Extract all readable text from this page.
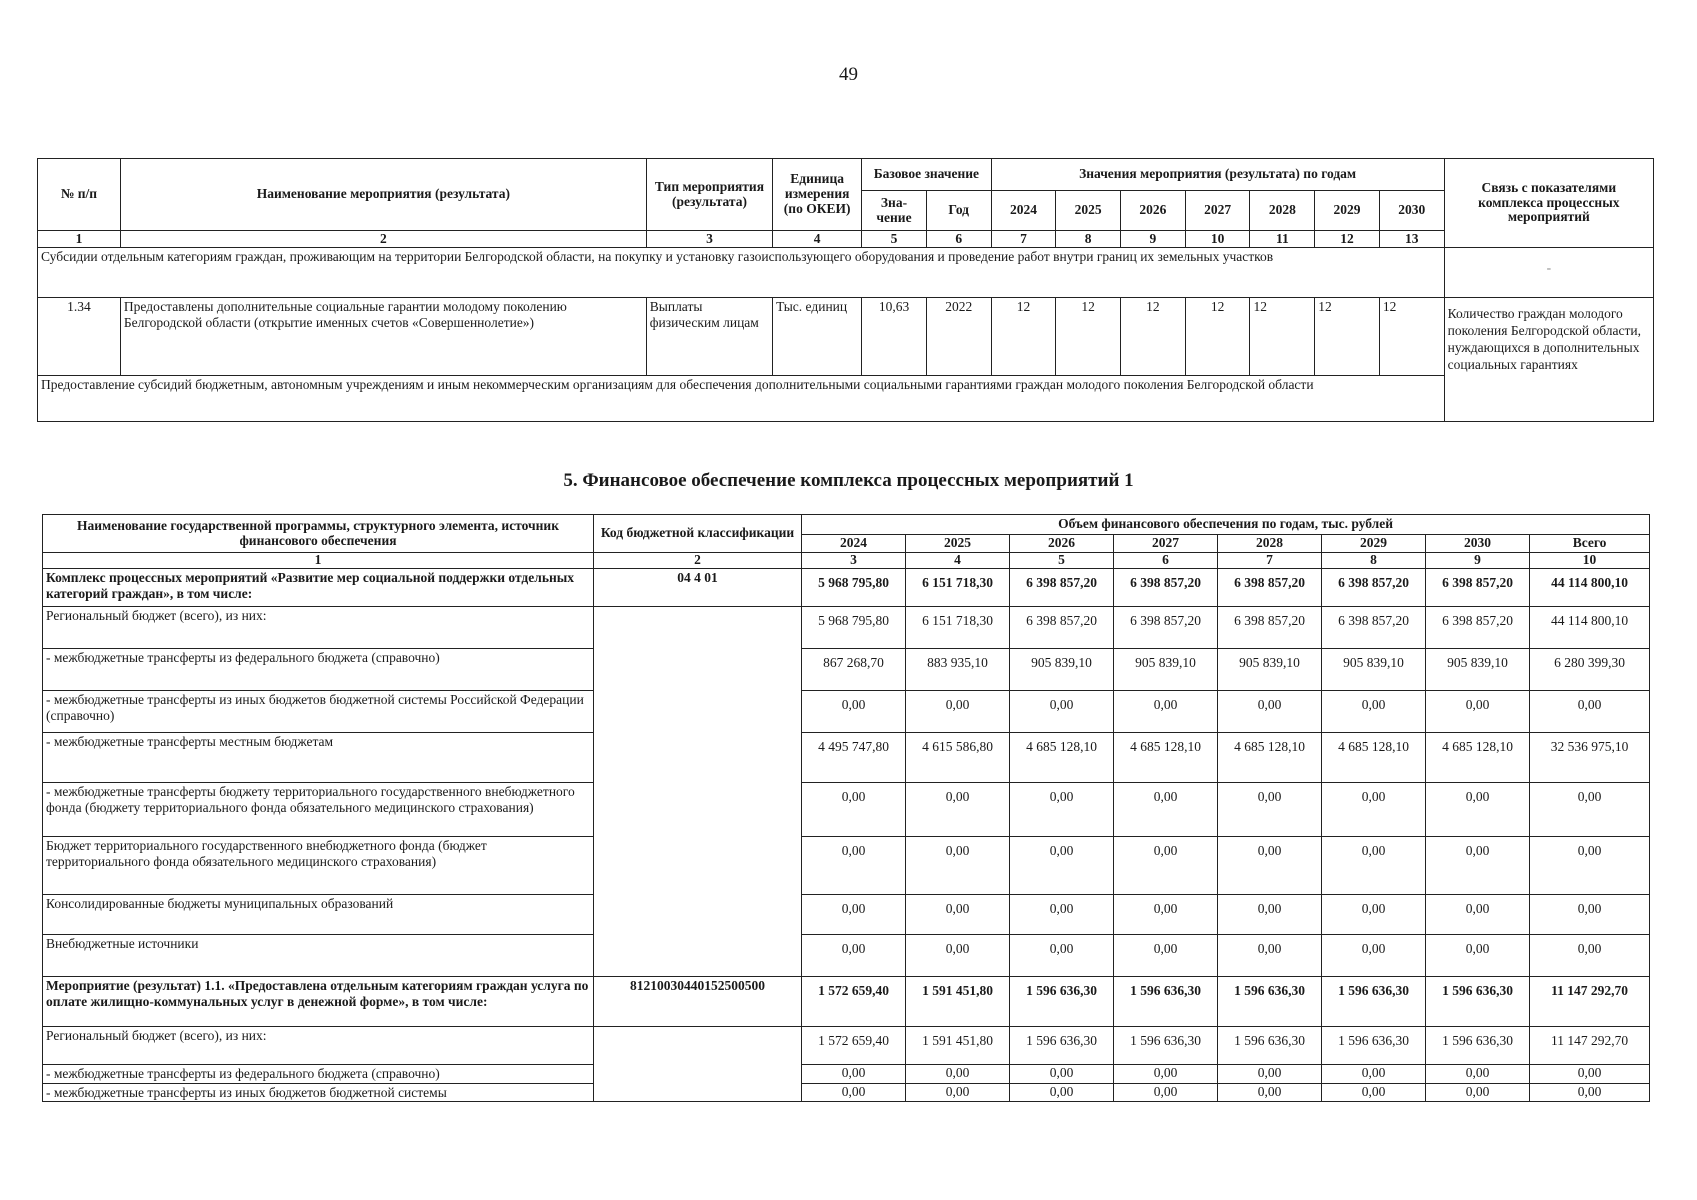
49
№ п/п	Наименование мероприятия (результата)	Тип мероприятия (результата)	Единица измерения (по ОКЕИ)	Базовое значение		Значения мероприятия (результата) по годам							Связь с показателями комплекса процессных мероприятий
				Зна-чение	Год	2024	2025	2026	2027	2028	2029	2030	
1	2	3	4	5	6	7	8	9	10	11	12	13	
Субсидии отдельным категориям граждан, проживающим на территории Белгородской области, на покупку и установку газоиспользующего оборудования и проведение работ внутри границ их земельных участков													-
1.34	Предоставлены дополнительные социальные гарантии молодому поколению Белгородской области (открытие именных счетов «Совершеннолетие»)	Выплаты физическим лицам	Тыс. единиц	10,63	2022	12	12	12	12	12	12	12	Количество граждан молодого поколения Белгородской области, нуждающихся в дополнительных социальных гарантиях
Предоставление субсидий бюджетным, автономным учреждениям и иным некоммерческим организациям для обеспечения дополнительными социальными гарантиями граждан молодого поколения Белгородской области													
5. Финансовое обеспечение комплекса процессных мероприятий 1
Наименование государственной программы, структурного элемента, источник финансового обеспечения	Код бюджетной классификации	Объем финансового обеспечения по годам, тыс. рублей							
		2024	2025	2026	2027	2028	2029	2030	Всего
1	2	3	4	5	6	7	8	9	10
Комплекс процессных мероприятий «Развитие мер социальной поддержки отдельных категорий граждан», в том числе:	04 4 01	5 968 795,80	6 151 718,30	6 398 857,20	6 398 857,20	6 398 857,20	6 398 857,20	6 398 857,20	44 114 800,10
Региональный бюджет (всего), из них:		5 968 795,80	6 151 718,30	6 398 857,20	6 398 857,20	6 398 857,20	6 398 857,20	6 398 857,20	44 114 800,10
- межбюджетные трансферты из федерального бюджета (справочно)		867 268,70	883 935,10	905 839,10	905 839,10	905 839,10	905 839,10	905 839,10	6 280 399,30
- межбюджетные трансферты из иных бюджетов бюджетной системы Российской Федерации (справочно)		0,00	0,00	0,00	0,00	0,00	0,00	0,00	0,00
- межбюджетные трансферты местным бюджетам		4 495 747,80	4 615 586,80	4 685 128,10	4 685 128,10	4 685 128,10	4 685 128,10	4 685 128,10	32 536 975,10
- межбюджетные трансферты бюджету территориального государственного внебюджетного фонда (бюджету территориального фонда обязательного медицинского страхования)		0,00	0,00	0,00	0,00	0,00	0,00	0,00	0,00
Бюджет территориального государственного внебюджетного фонда (бюджет территориального фонда обязательного медицинского страхования)		0,00	0,00	0,00	0,00	0,00	0,00	0,00	0,00
Консолидированные бюджеты муниципальных образований		0,00	0,00	0,00	0,00	0,00	0,00	0,00	0,00
Внебюджетные источники		0,00	0,00	0,00	0,00	0,00	0,00	0,00	0,00
Мероприятие (результат) 1.1. «Предоставлена отдельным категориям граждан услуга по оплате жилищно-коммунальных услуг в денежной форме», в том числе:	81210030440152500500	1 572 659,40	1 591 451,80	1 596 636,30	1 596 636,30	1 596 636,30	1 596 636,30	1 596 636,30	11 147 292,70
Региональный бюджет (всего), из них:		1 572 659,40	1 591 451,80	1 596 636,30	1 596 636,30	1 596 636,30	1 596 636,30	1 596 636,30	11 147 292,70
- межбюджетные трансферты из федерального бюджета (справочно)		0,00	0,00	0,00	0,00	0,00	0,00	0,00	0,00
- межбюджетные трансферты из иных бюджетов бюджетной системы		0,00	0,00	0,00	0,00	0,00	0,00	0,00	0,00
